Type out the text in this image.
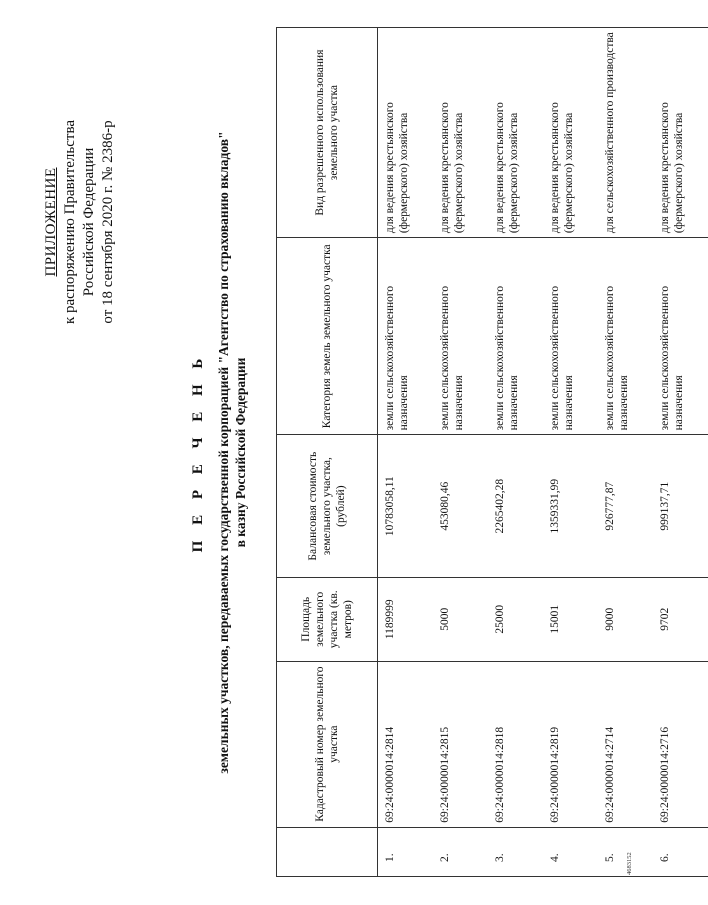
ПРИЛОЖЕНИЕ к распоряжению Правительства Российской Федерации от 18 сентября 2020 г. № 2386-р
П Е Р Е Ч Е Н Ь земельных участков, передаваемых государственной корпорацией "Агентство по страхованию вкладов" в казну Российской Федерации
	Кадастровый номер земельного участка	Площадь земельного участка (кв. метров)	Балансовая стоимость земельного участка, (рублей)	Категория земель земельного участка	Вид разрешенного использования земельного участка
1.	69:24:0000014:2814	1189999	10783058,11	земли сельскохозяйственного назначения	для ведения крестьянского (фермерского) хозяйства
2.	69:24:0000014:2815	5000	453080,46	земли сельскохозяйственного назначения	для ведения крестьянского (фермерского) хозяйства
3.	69:24:0000014:2818	25000	2265402,28	земли сельскохозяйственного назначения	для ведения крестьянского (фермерского) хозяйства
4.	69:24:0000014:2819	15001	1359331,99	земли сельскохозяйственного назначения	для ведения крестьянского (фермерского) хозяйства
5.	69:24:0000014:2714	9000	926777,87	земли сельскохозяйственного назначения	для сельскохозяйственного производства
6.	69:24:0000014:2716	9702	999137,71	земли сельскохозяйственного назначения	для ведения крестьянского (фермерского) хозяйства
4683152
